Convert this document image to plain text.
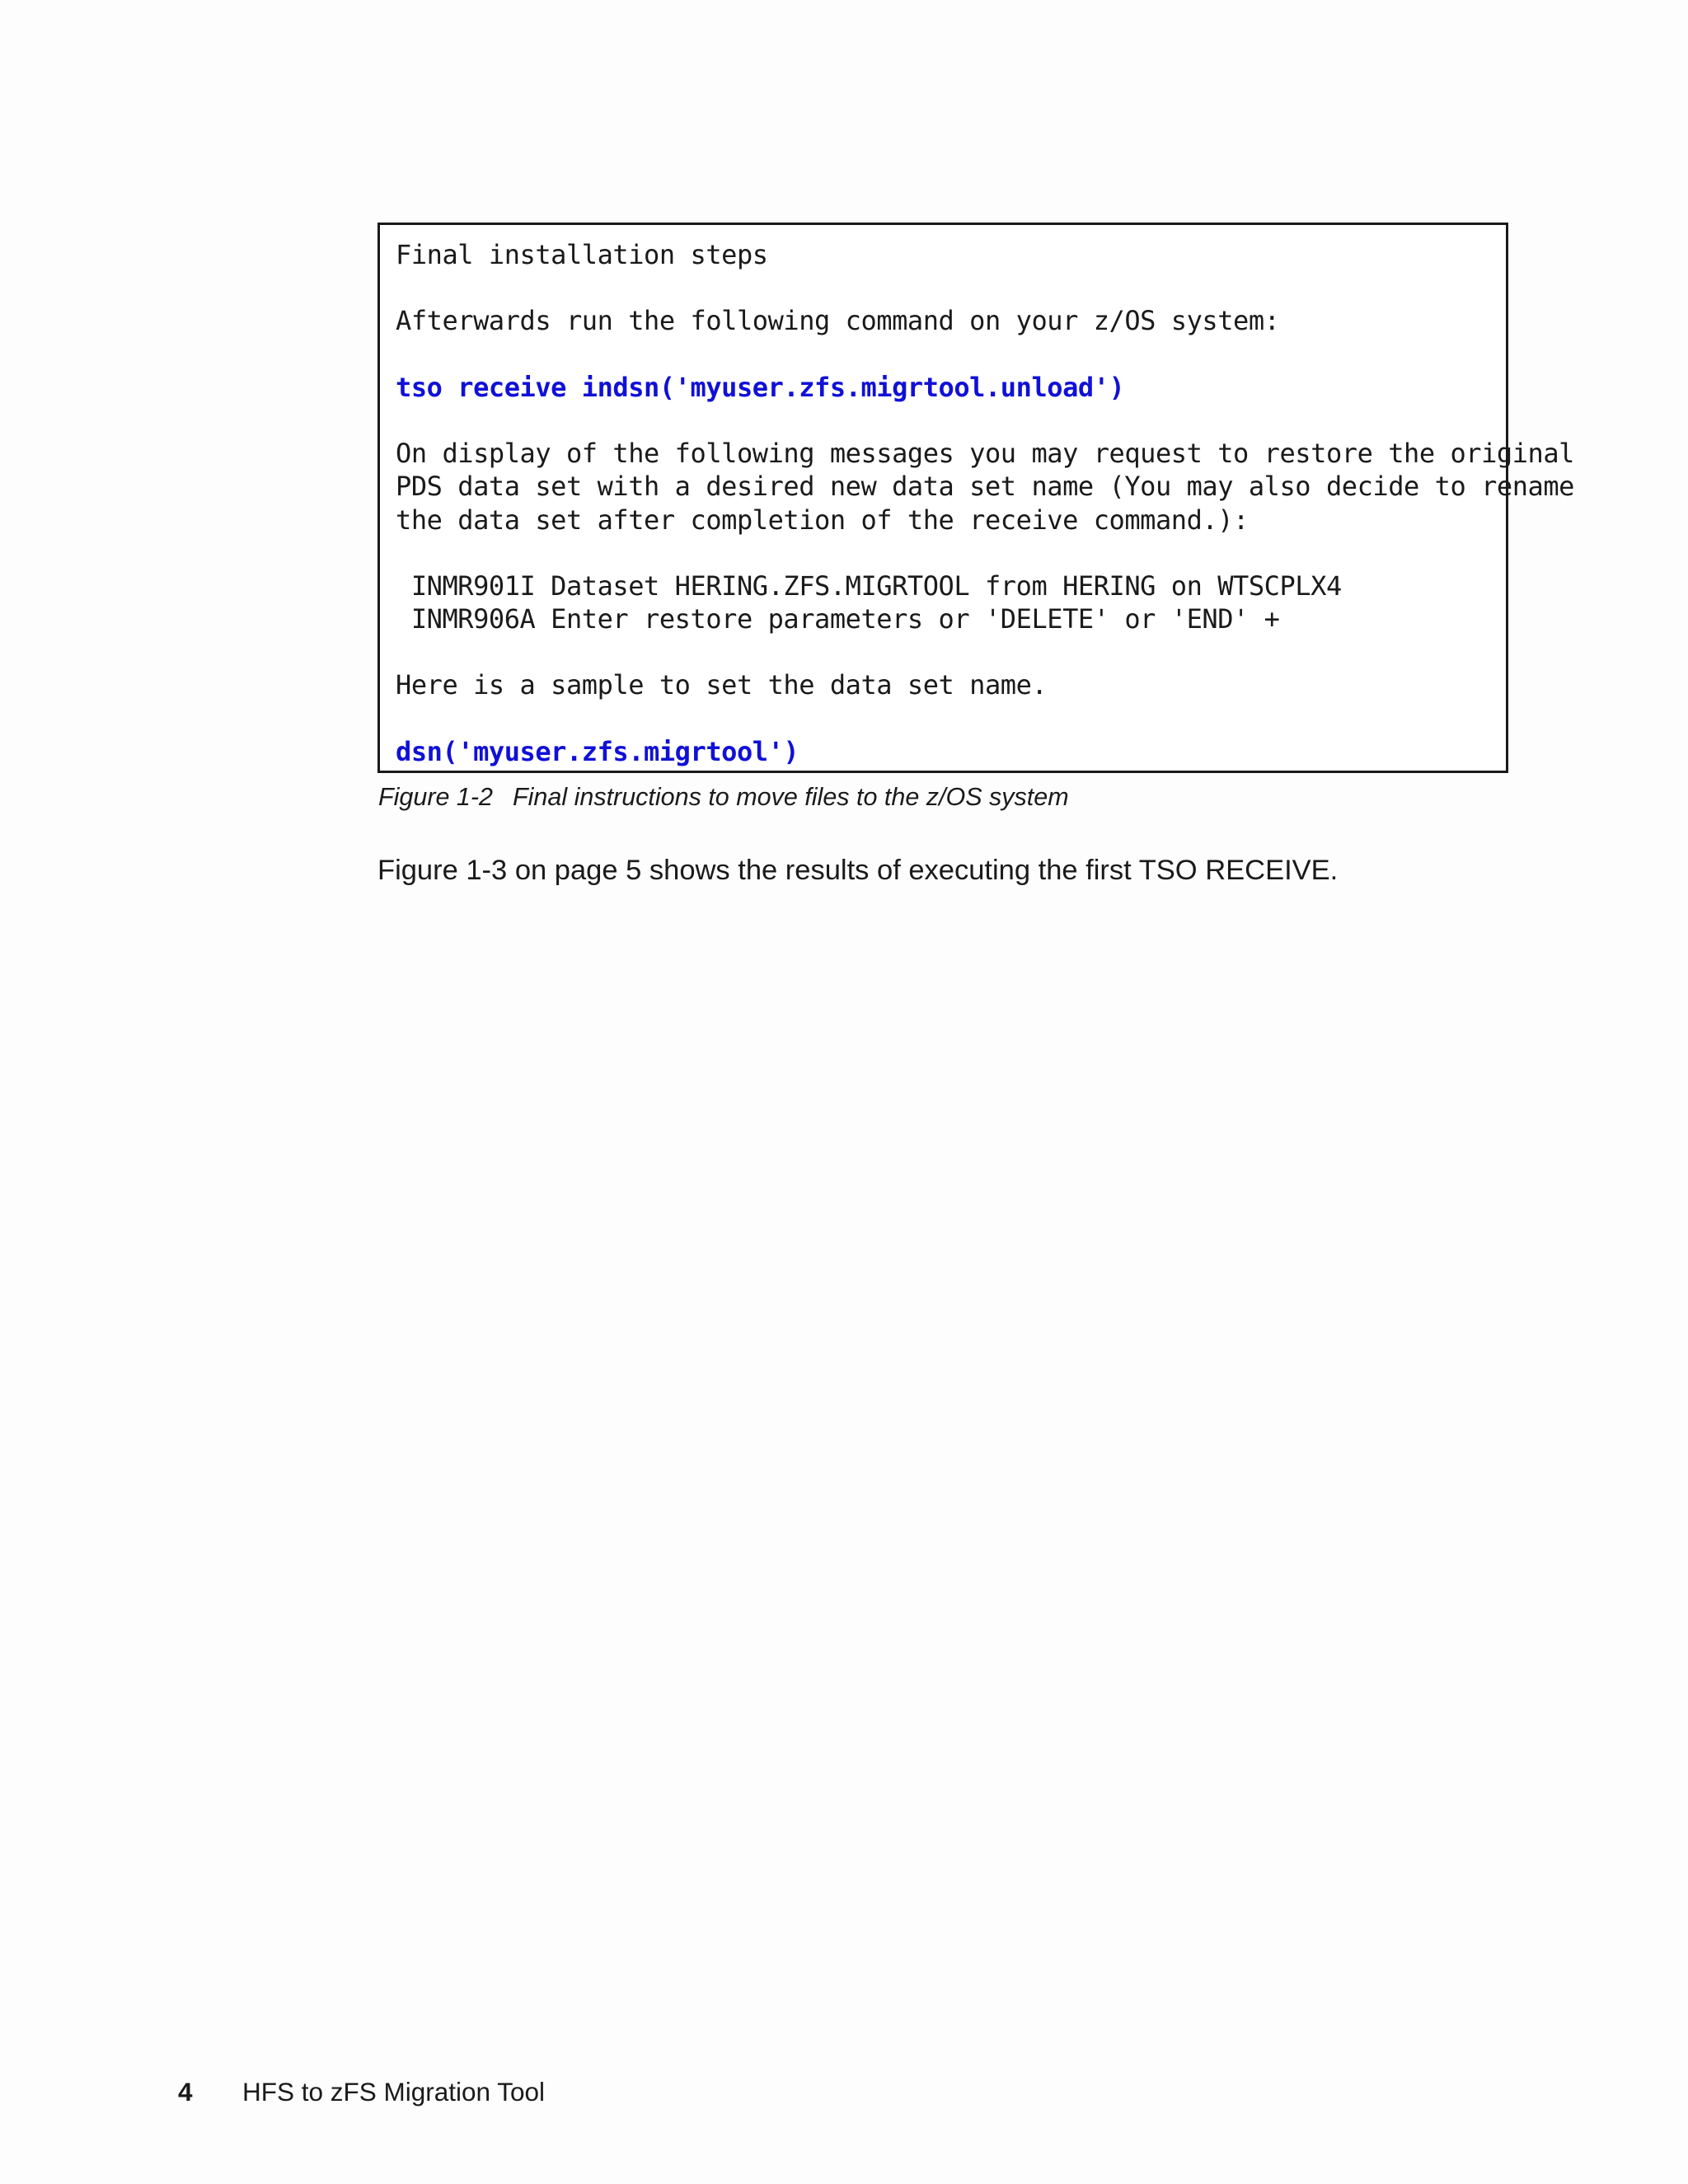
Final installation steps
Afterwards run the following command on your z/OS system:
tso receive indsn('myuser.zfs.migrtool.unload')
On display of the following messages you may request to restore the original
PDS data set with a desired new data set name (You may also decide to rename
the data set after completion of the receive command.):
INMR901I Dataset HERING.ZFS.MIGRTOOL from HERING on WTSCPLX4
INMR906A Enter restore parameters or 'DELETE' or 'END' +
Here is a sample to set the data set name.
dsn('myuser.zfs.migrtool')
Figure 1-2 Final instructions to move files to the z/OS system
Figure 1-3 on page 5 shows the results of executing the first TSO RECEIVE.
4 HFS to zFS Migration Tool
